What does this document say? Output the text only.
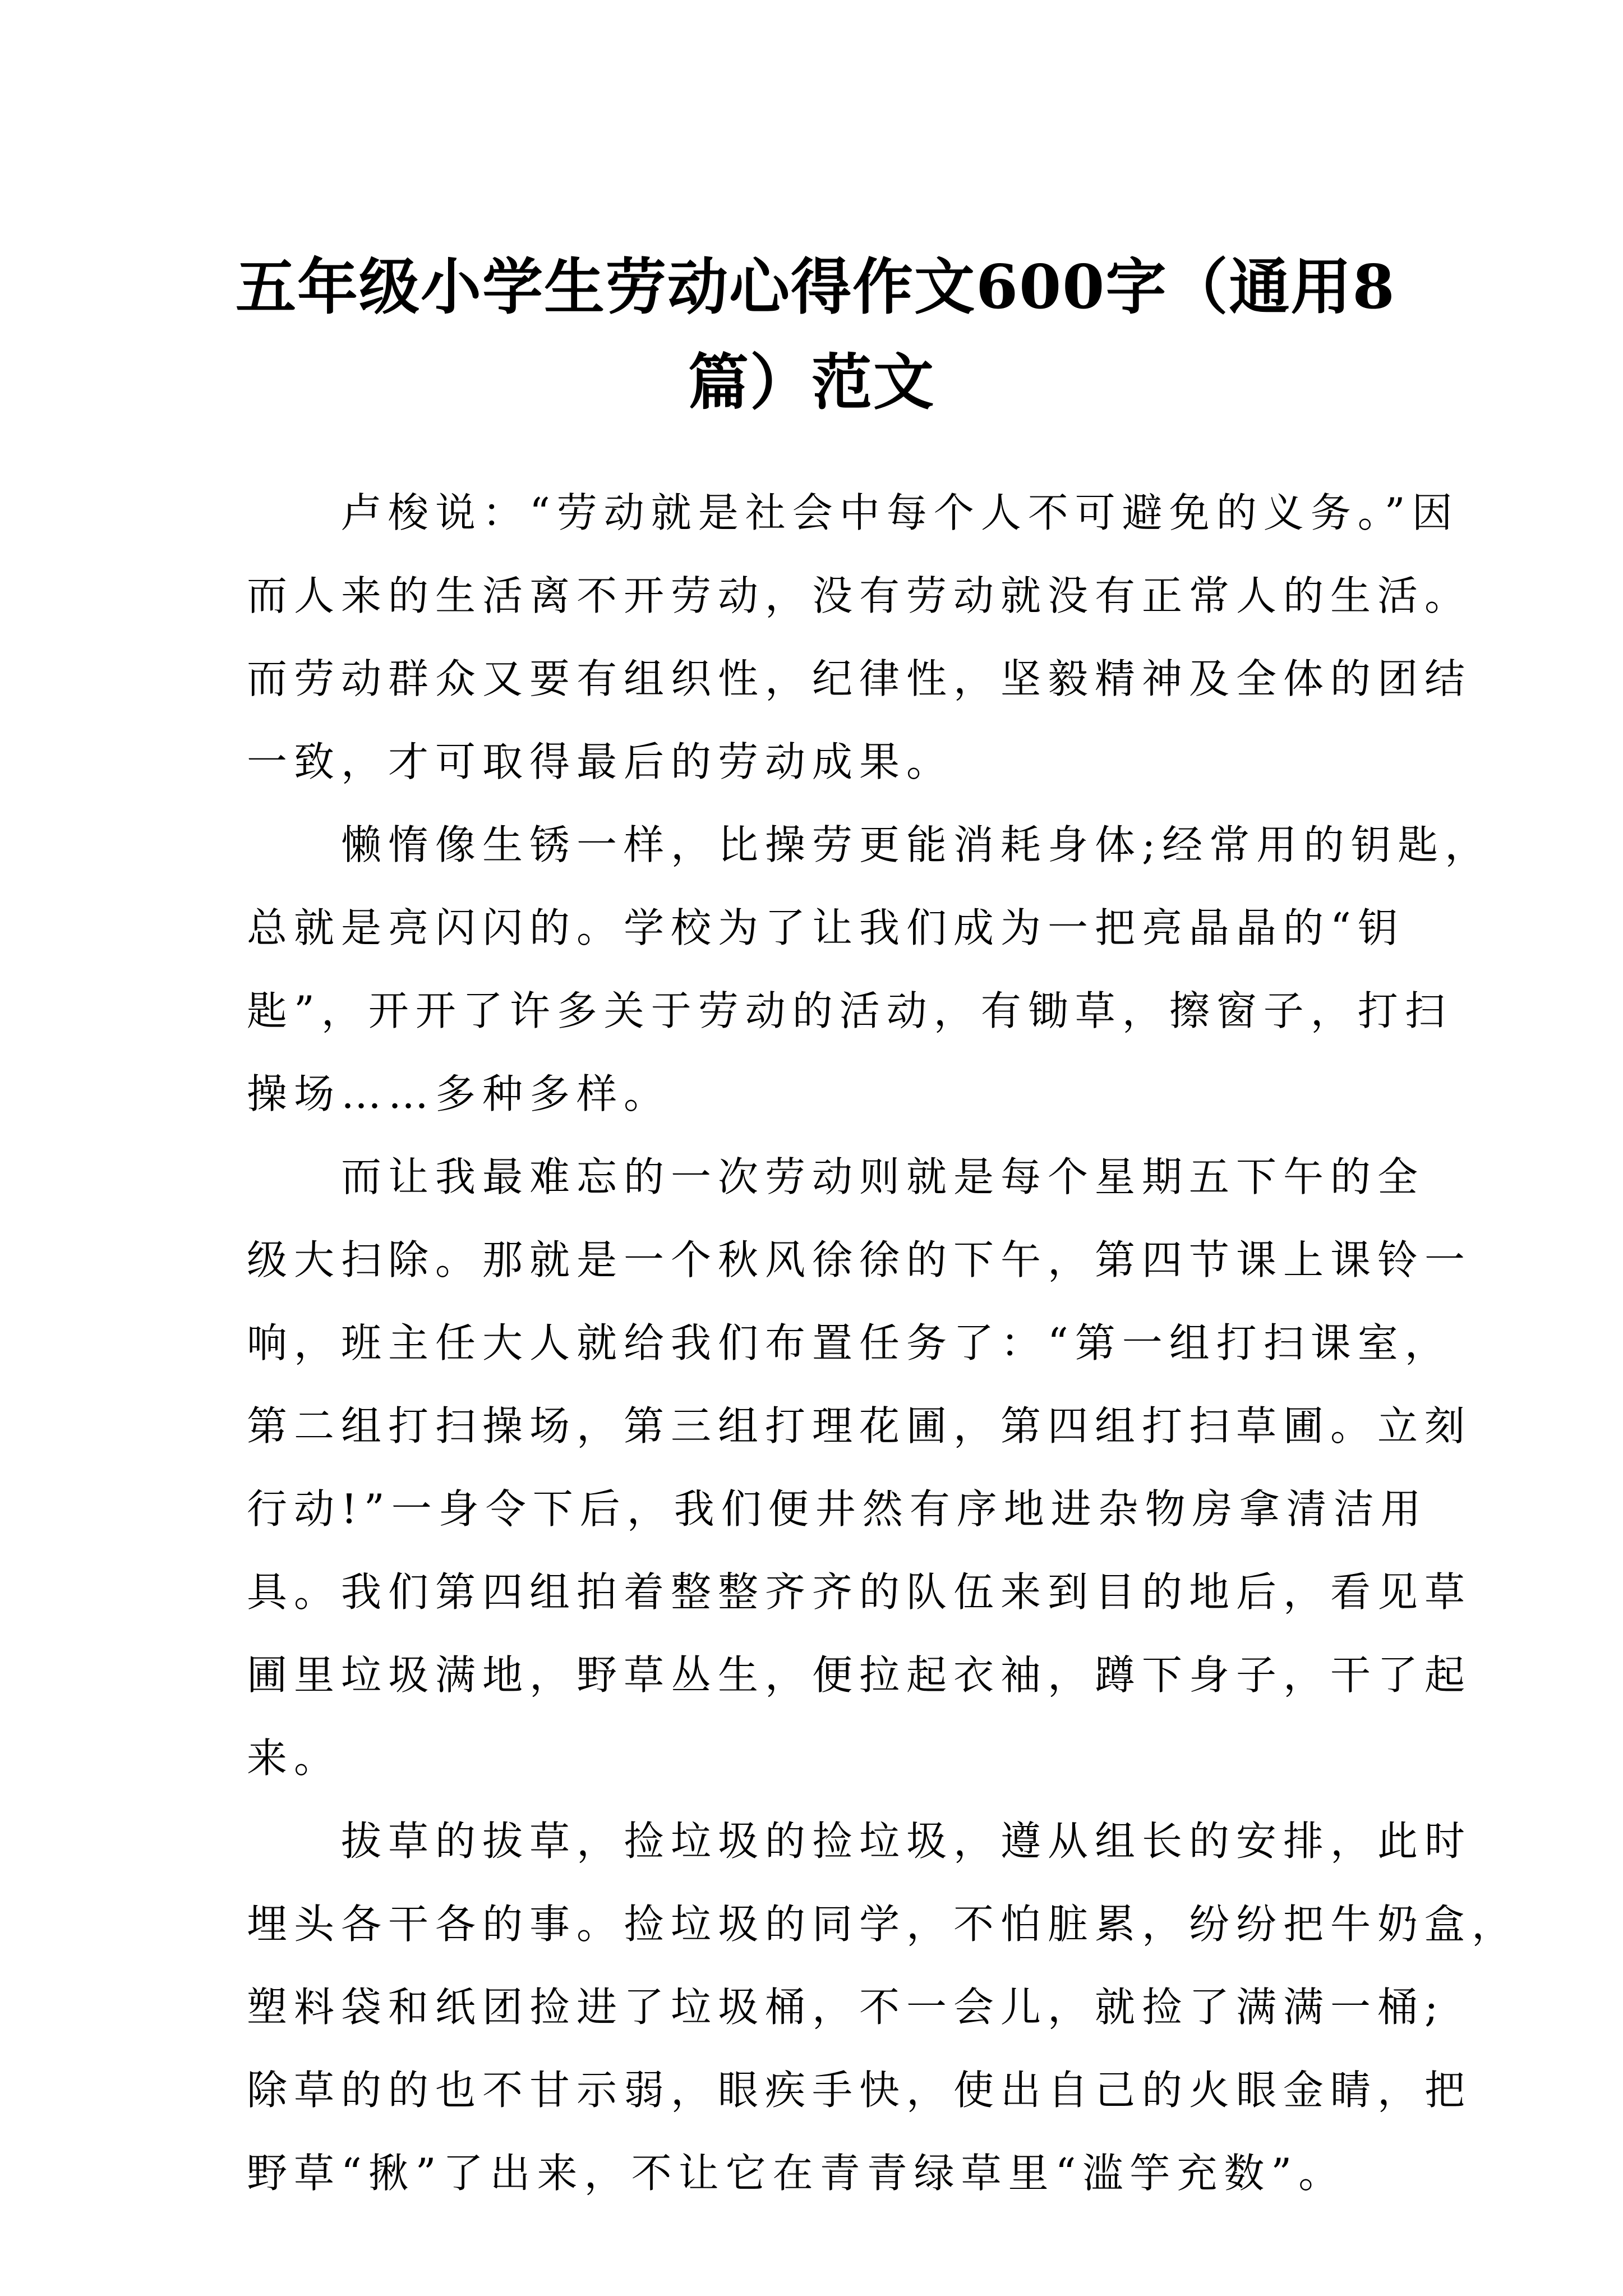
五年级小学生劳动心得作文600字（通用8
篇）范文

卢梭说：“劳动就是社会中每个人不可避免的义务。”因
而人来的生活离不开劳动，没有劳动就没有正常人的生活。
而劳动群众又要有组织性，纪律性，坚毅精神及全体的团结
一致，才可取得最后的劳动成果。

懒惰像生锈一样，比操劳更能消耗身体;经常用的钥匙，
总就是亮闪闪的。学校为了让我们成为一把亮晶晶的“钥
匙”，开开了许多关于劳动的活动，有锄草，擦窗子，打扫
操场……多种多样。

而让我最难忘的一次劳动则就是每个星期五下午的全
级大扫除。那就是一个秋风徐徐的下午，第四节课上课铃一
响，班主任大人就给我们布置任务了：“第一组打扫课室，
第二组打扫操场，第三组打理花圃，第四组打扫草圃。立刻
行动!”一身令下后，我们便井然有序地进杂物房拿清洁用
具。我们第四组拍着整整齐齐的队伍来到目的地后，看见草
圃里垃圾满地，野草丛生，便拉起衣袖，蹲下身子，干了起
来。

拔草的拔草，捡垃圾的捡垃圾，遵从组长的安排，此时
埋头各干各的事。捡垃圾的同学，不怕脏累，纷纷把牛奶盒，
塑料袋和纸团捡进了垃圾桶，不一会儿，就捡了满满一桶;
除草的的也不甘示弱，眼疾手快，使出自己的火眼金睛，把
野草“揪”了出来，不让它在青青绿草里“滥竽充数”。
